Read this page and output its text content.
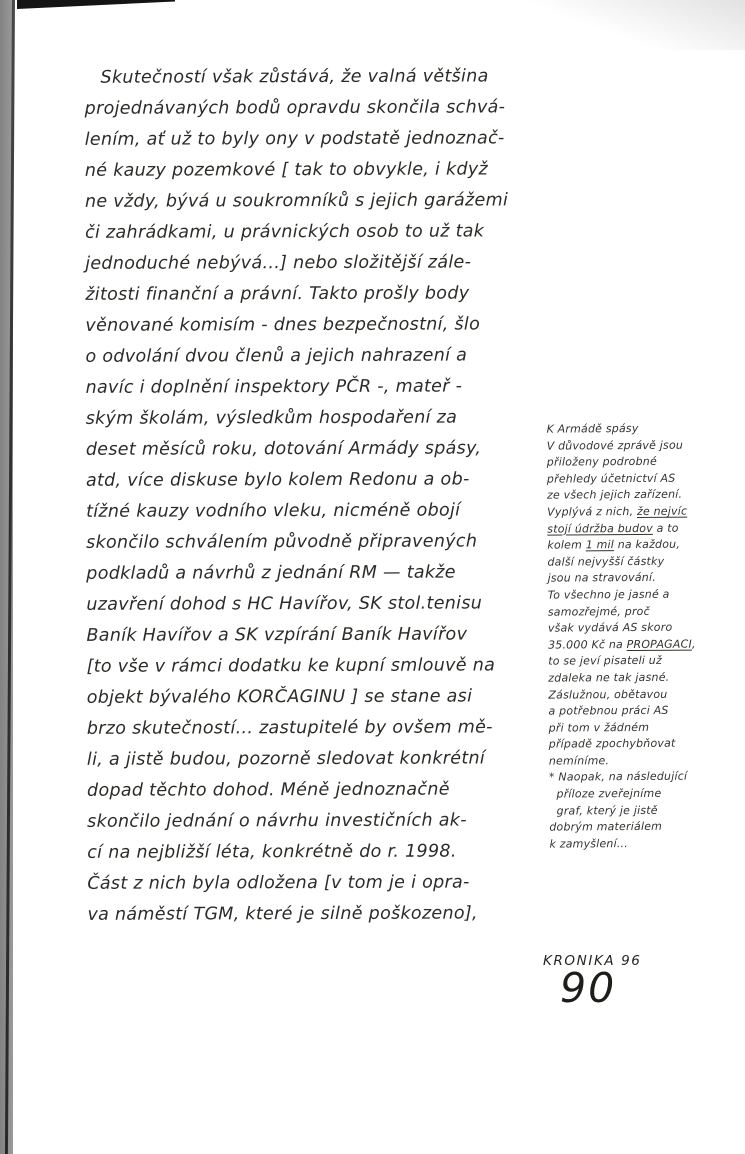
Skutečností však zůstává, že valná většina
projednávaných bodů opravdu skončila schvá-
lením, ať už to byly ony v podstatě jednoznač-
né kauzy pozemkové [ tak to obvykle, i když
ne vždy, bývá u soukromníků s jejich garážemi
či zahrádkami, u právnických osob to už tak
jednoduché nebývá...] nebo složitější zále-
žitosti finanční a právní. Takto prošly body
věnované komisím - dnes bezpečnostní, šlo
o odvolání dvou členů a jejich nahrazení a
navíc i doplnění inspektory PČR -, mateř -
ským školám, výsledkům hospodaření za
deset měsíců roku, dotování Armády spásy,
atd, více diskuse bylo kolem Redonu a ob-
tížné kauzy vodního vleku, nicméně obojí
skončilo schválením původně připravených
podkladů a návrhů z jednání RM — takže
uzavření dohod s HC Havířov, SK stol.tenisu
Baník Havířov a SK vzpírání Baník Havířov
[to vše v rámci dodatku ke kupní smlouvě na
objekt bývalého KORČAGINU ] se stane asi
brzo skutečností... zastupitelé by ovšem mě-
li, a jistě budou, pozorně sledovat konkrétní
dopad těchto dohod. Méně jednoznačně
skončilo jednání o návrhu investičních ak-
cí na nejbližší léta, konkrétně do r. 1998.
Část z nich byla odložena [v tom je i opra-
va náměstí TGM, které je silně poškozeno],
K Armádě spásy
V důvodové zprávě jsou
přiloženy podrobné
přehledy účetnictví AS
ze všech jejich zařízení.
Vyplývá z nich, že nejvíc
stojí údržba budov a to
kolem 1 mil na každou,
další nejvyšší částky
jsou na stravování.
To všechno je jasné a
samozřejmé, proč
však vydává AS skoro
35.000 Kč na PROPAGACI,
to se jeví pisateli už
zdaleka ne tak jasné.
Záslužnou, obětavou
a potřebnou práci AS
při tom v žádném
případě zpochybňovat
nemíníme.
* Naopak, na následující
příloze zveřejníme
graf, který je jistě
dobrým materiálem
k zamyšlení...
KRONIKA 96
90
